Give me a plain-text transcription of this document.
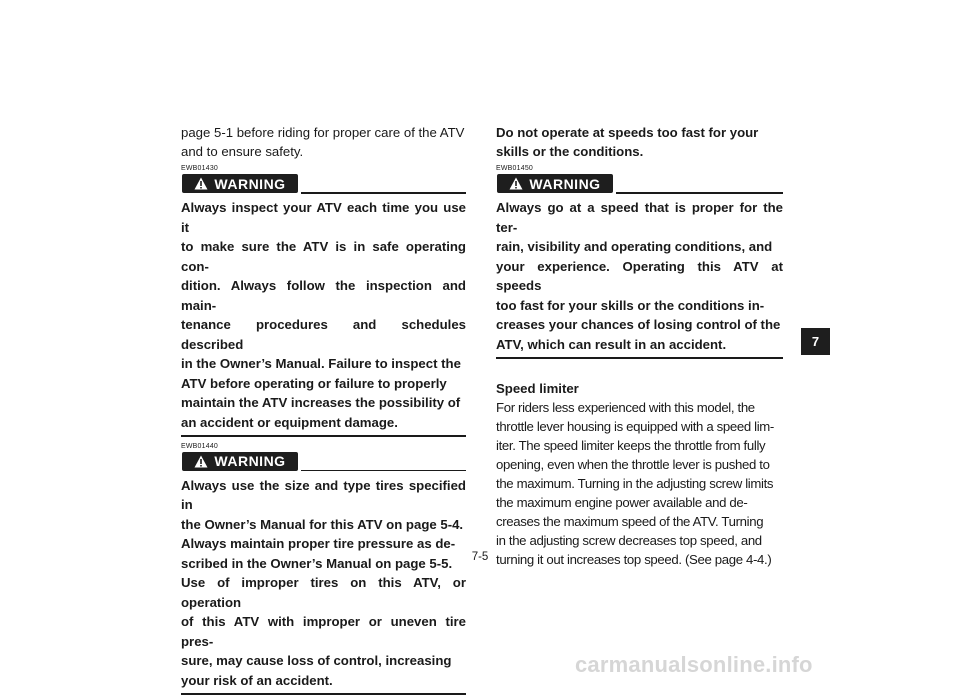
page 5-1 before riding for proper care of the ATV
and to ensure safety.

EWB01430
WARNING

Always inspect your ATV each time you use it
to make sure the ATV is in safe operating con-
dition. Always follow the inspection and main-
tenance procedures and schedules described
in the Owner’s Manual. Failure to inspect the
ATV before operating or failure to properly
maintain the ATV increases the possibility of
an accident or equipment damage.

EWB01440
WARNING

Always use the size and type tires specified in
the Owner’s Manual for this ATV on page 5-4.
Always maintain proper tire pressure as de-
scribed in the Owner’s Manual on page 5-5.
Use of improper tires on this ATV, or operation
of this ATV with improper or uneven tire pres-
sure, may cause loss of control, increasing
your risk of an accident.

Do not operate at speeds too fast for your
skills or the conditions.

EWB01450
WARNING

Always go at a speed that is proper for the ter-
rain, visibility and operating conditions, and
your experience. Operating this ATV at speeds
too fast for your skills or the conditions in-
creases your chances of losing control of the
ATV, which can result in an accident.

Speed limiter

For riders less experienced with this model, the
throttle lever housing is equipped with a speed lim-
iter. The speed limiter keeps the throttle from fully
opening, even when the throttle lever is pushed to
the maximum. Turning in the adjusting screw limits
the maximum engine power available and de-
creases the maximum speed of the ATV. Turning
in the adjusting screw decreases top speed, and
turning it out increases top speed. (See page 4-4.)

7
7-5
carmanualsonline.info
